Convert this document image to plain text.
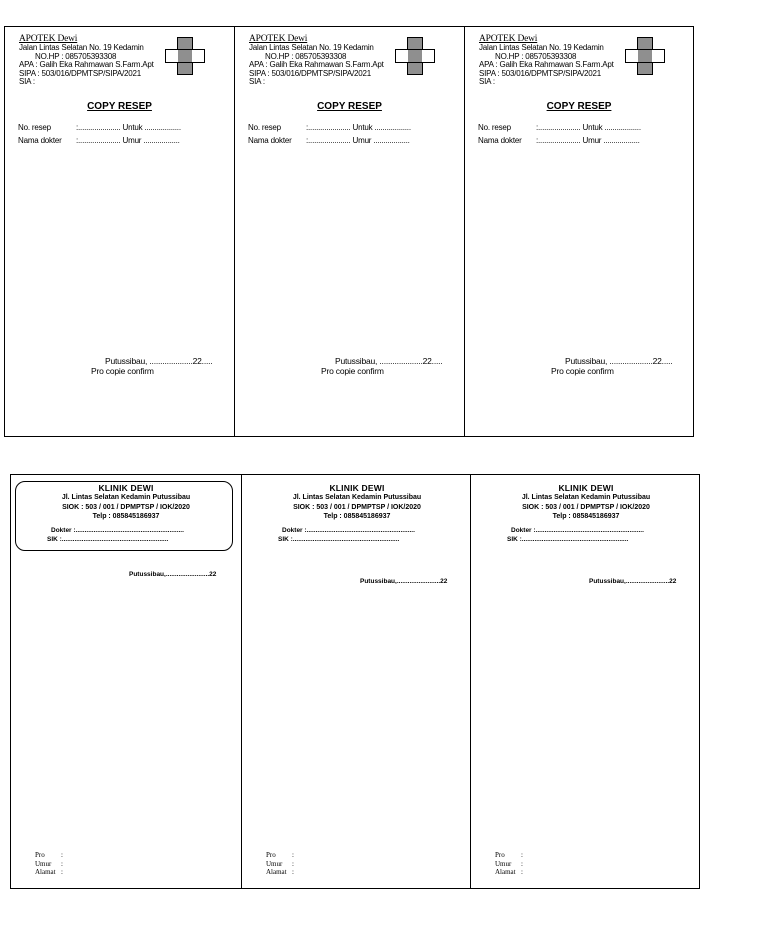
APOTEK Dewi
Jalan Lintas Selatan No. 19 Kedamin
NO.HP : 085705393308
APA : Galih Eka Rahmawan S.Farm.Apt
SIPA : 503/016/DPMTSP/SIPA/2021
SIA :
COPY RESEP
No. resep	:..................... Untuk ..................
Nama dokter :..................... Umur ..................
Putussibau, ....................22.....
Pro copie confirm
APOTEK Dewi
Jalan Lintas Selatan No. 19 Kedamin
NO.HP : 085705393308
APA : Galih Eka Rahmawan S.Farm.Apt
SIPA : 503/016/DPMTSP/SIPA/2021
SIA :
COPY RESEP
No. resep	:..................... Untuk ..................
Nama dokter :..................... Umur ..................
Putussibau, ....................22.....
Pro copie confirm
APOTEK Dewi
Jalan Lintas Selatan No. 19 Kedamin
NO.HP : 085705393308
APA : Galih Eka Rahmawan S.Farm.Apt
SIPA : 503/016/DPMTSP/SIPA/2021
SIA :
COPY RESEP
No. resep	:..................... Untuk ..................
Nama dokter :..................... Umur ..................
Putussibau, ....................22.....
Pro copie confirm
KLINIK DEWI
Jl. Lintas Selatan Kedamin Putussibau
SIOK : 503 / 001 / DPMPTSP / IOK/2020
Telp : 085845186937
Dokter :............................................................
SIK :...........................................................
Putussibau,........................22
Pro :
Umur :
Alamat :
KLINIK DEWI
Jl. Lintas Selatan Kedamin Putussibau
SIOK : 503 / 001 / DPMPTSP / IOK/2020
Telp : 085845186937
Dokter :............................................................
SIK :...........................................................
Putussibau,........................22
Pro :
Umur :
Alamat :
KLINIK DEWI
Jl. Lintas Selatan Kedamin Putussibau
SIOK : 503 / 001 / DPMPTSP / IOK/2020
Telp : 085845186937
Dokter :............................................................
SIK :...........................................................
Putussibau,........................22
Pro :
Umur :
Alamat :
